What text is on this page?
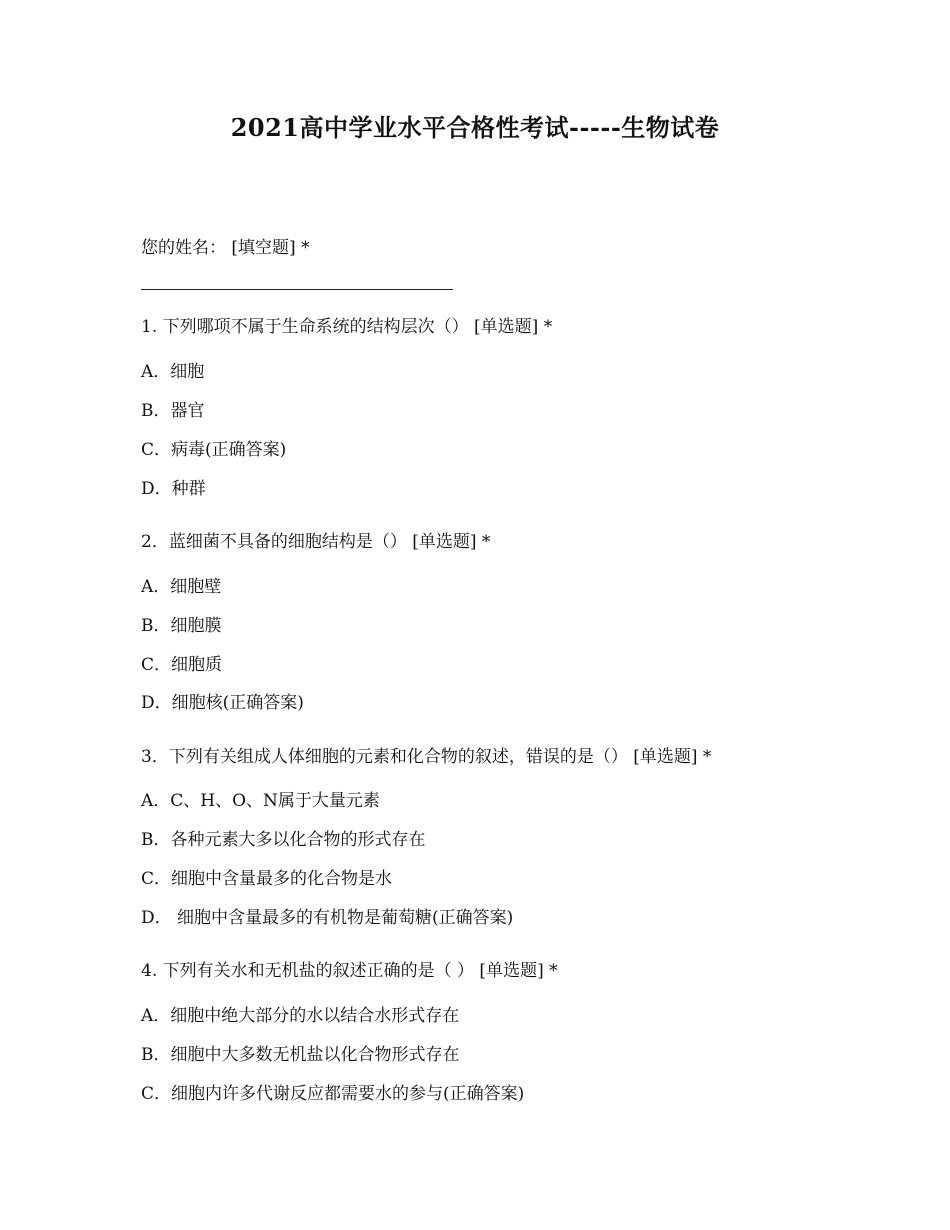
2021高中学业水平合格性考试-----生物试卷
您的姓名： [填空题] *
1. 下列哪项不属于生命系统的结构层次（） [单选题] *
A．细胞
B．器官
C．病毒(正确答案)
D．种群
2．蓝细菌不具备的细胞结构是（） [单选题] *
A．细胞壁
B．细胞膜
C．细胞质
D．细胞核(正确答案)
3．下列有关组成人体细胞的元素和化合物的叙述，错误的是（） [单选题] *
A．C、H、O、N属于大量元素
B．各种元素大多以化合物的形式存在
C．细胞中含量最多的化合物是水
D． 细胞中含量最多的有机物是葡萄糖(正确答案)
4. 下列有关水和无机盐的叙述正确的是（ ） [单选题] *
A．细胞中绝大部分的水以结合水形式存在
B．细胞中大多数无机盐以化合物形式存在
C．细胞内许多代谢反应都需要水的参与(正确答案)
